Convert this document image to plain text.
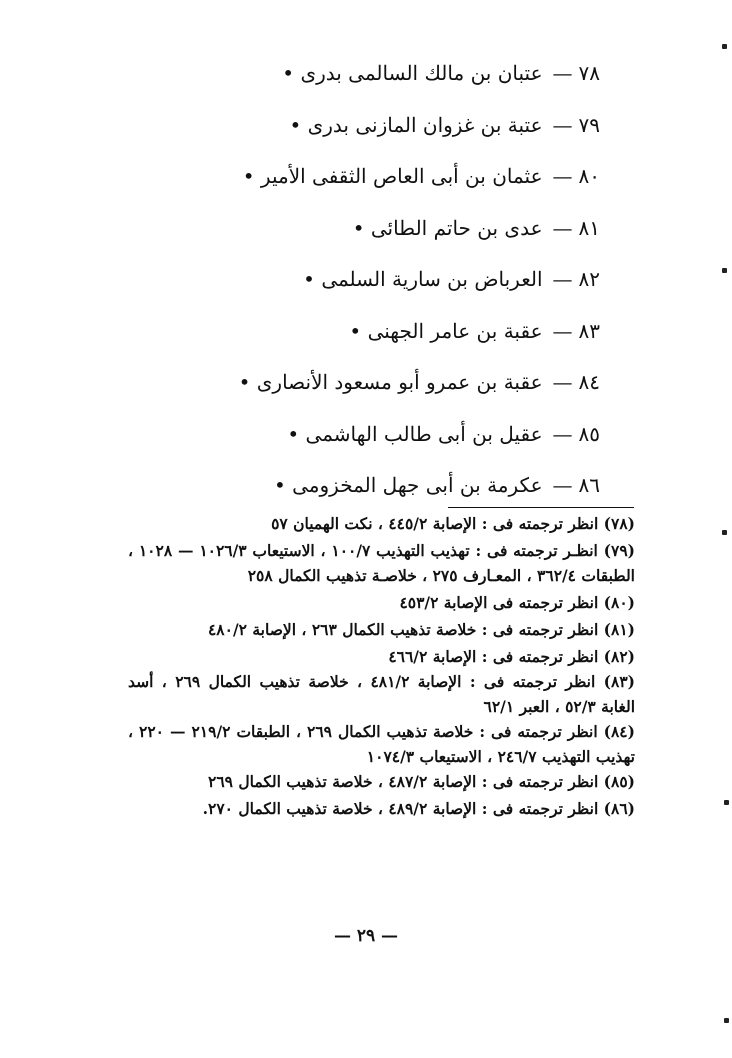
٧٨—عتبان بن مالك السالمى بدرى •
٧٩—عتبة بن غزوان المازنى بدرى •
٨٠—عثمان بن أبى العاص الثقفى الأمير •
٨١—عدى بن حاتم الطائى •
٨٢—العرباض بن سارية السلمى •
٨٣—عقبة بن عامر الجهنى •
٨٤—عقبة بن عمرو أبو مسعود الأنصارى •
٨٥—عقيل بن أبى طالب الهاشمى •
٨٦—عكرمة بن أبى جهل المخزومى •
(٧٨) انظر ترجمته فى : الإصابة ٤٤٥/٢ ، نكت الهميان ٥٧
(٧٩) انظـر ترجمته فى : تهذيب التهذيب ١٠٠/٧ ، الاستيعاب ١٠٢٦/٣ — ١٠٢٨ ، الطبقات ٣٦٢/٤ ، المعـارف ٢٧٥ ، خلاصـة تذهيب الكمال ٢٥٨
(٨٠) انظر ترجمته فى الإصابة ٤٥٣/٢
(٨١) انظر ترجمته فى : خلاصة تذهيب الكمال ٢٦٣ ، الإصابة ٤٨٠/٢
(٨٢) انظر ترجمته فى : الإصابة ٤٦٦/٢
(٨٣) انظر ترجمته فى : الإصابة ٤٨١/٢ ، خلاصة تذهيب الكمال ٢٦٩ ، أسد الغابة ٥٢/٣ ، العبر ٦٢/١
(٨٤) انظر ترجمته فى : خلاصة تذهيب الكمال ٢٦٩ ، الطبقات ٢١٩/٢ — ٢٢٠ ، تهذيب التهذيب ٢٤٦/٧ ، الاستيعاب ١٠٧٤/٣
(٨٥) انظر ترجمته فى : الإصابة ٤٨٧/٢ ، خلاصة تذهيب الكمال ٢٦٩
(٨٦) انظر ترجمته فى : الإصابة ٤٨٩/٢ ، خلاصة تذهيب الكمال ٢٧٠.
— ٢٩ —
